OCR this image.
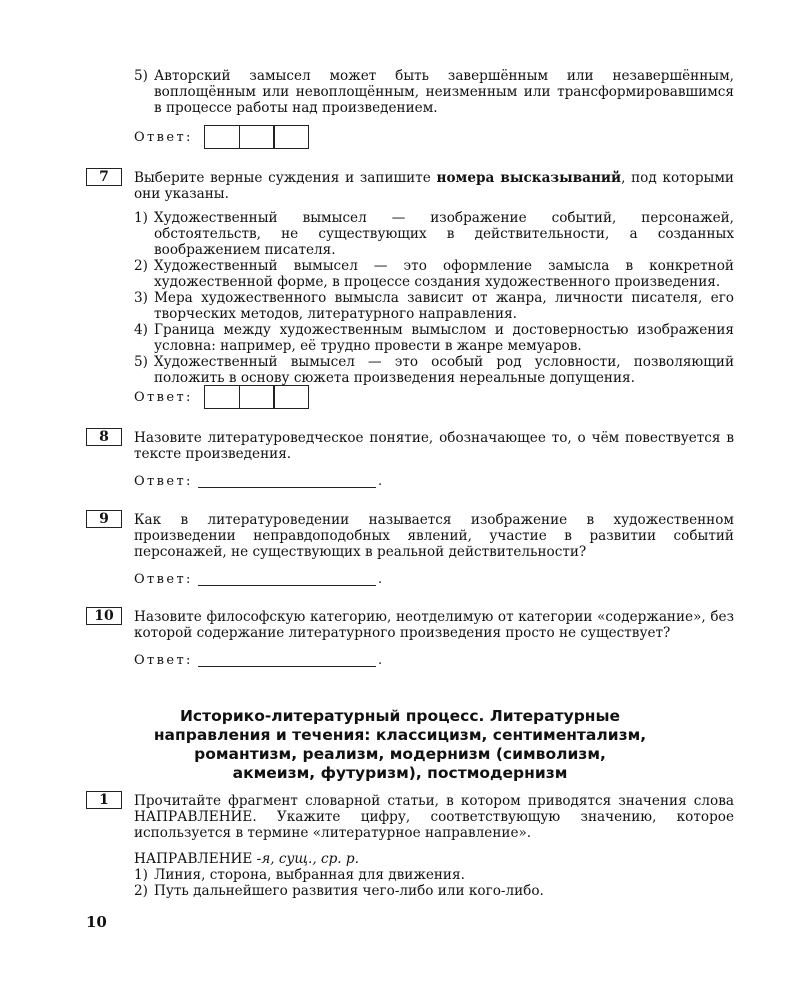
5) Авторский замысел может быть завершённым или незавершённым, воплощённым или невоплощённым, неизменным или трансформировавшимся в процессе работы над произведением.
Ответ:
7	Выберите верные суждения и запишите номера высказываний, под которыми они указаны.
1) Художественный вымысел — изображение событий, персонажей, обстоятельств, не существующих в действительности, а созданных воображением писателя.
2) Художественный вымысел — это оформление замысла в конкретной художественной форме, в процессе создания художественного произведения.
3) Мера художественного вымысла зависит от жанра, личности писателя, его творческих методов, литературного направления.
4) Граница между художественным вымыслом и достоверностью изображения условна: например, её трудно провести в жанре мемуаров.
5) Художественный вымысел — это особый род условности, позволяющий положить в основу сюжета произведения нереальные допущения.
Ответ:
8	Назовите литературоведческое понятие, обозначающее то, о чём повествуется в тексте произведения.
Ответ:	.
9	Как в литературоведении называется изображение в художественном произведении неправдоподобных явлений, участие в развитии событий персонажей, не существующих в реальной действительности?
Ответ:	.
10	Назовите философскую категорию, неотделимую от категории «содержание», без которой содержание литературного произведения просто не существует?
Ответ:	.
Историко-литературный процесс. Литературные
направления и течения: классицизм, сентиментализм,
романтизм, реализм, модернизм (символизм,
акмеизм, футуризм), постмодернизм
1	Прочитайте фрагмент словарной статьи, в котором приводятся значения слова НАПРАВЛЕНИЕ. Укажите цифру, соответствующую значению, которое используется в термине «литературное направление».
НАПРАВЛЕНИЕ -я, сущ., ср. р.
1) Линия, сторона, выбранная для движения.
2) Путь дальнейшего развития чего-либо или кого-либо.
10
